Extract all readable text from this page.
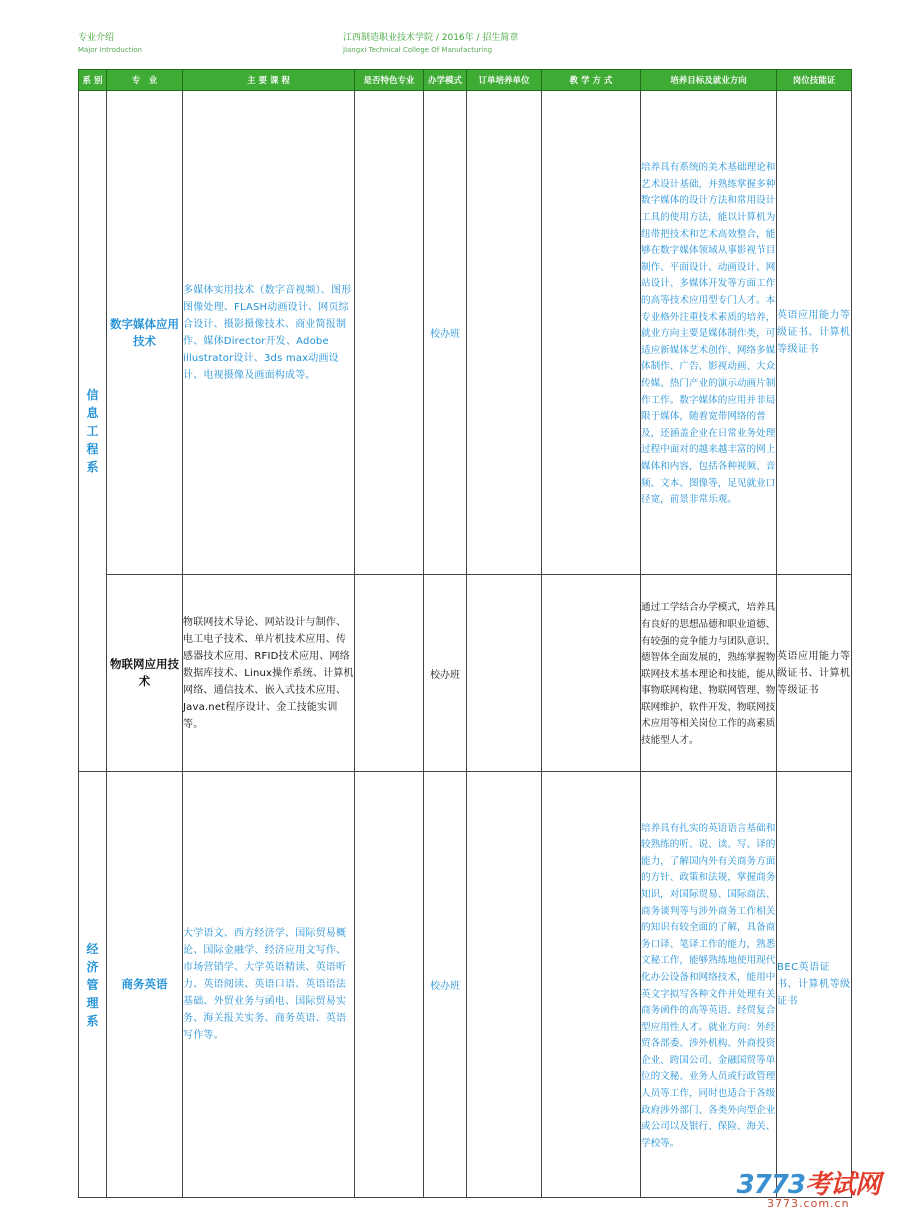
专业介绍
Major Introduction
江西制造职业技术学院 / 2016年 / 招生简章
Jiangxi Technical College Of Manufacturing
系 别	专　业	主 要 课 程	是否特色专业	办学模式	订单培养单位	教 学 方 式	培养目标及就业方向	岗位技能证
信息工程系	数字媒体应用技术	多媒体实用技术（数字音视频）、图形图像处理、FLASH动画设计、网页综合设计、摄影摄像技术、商业简报制作、媒体Director开发、Adobe illustrator设计、3ds max动画设计、电视摄像及画面构成等。		校办班			培养具有系统的美术基础理论和艺术设计基础，并熟练掌握多种数字媒体的设计方法和常用设计工具的使用方法，能以计算机为纽带把技术和艺术高效整合，能够在数字媒体领域从事影视节目制作、平面设计、动画设计、网站设计、多媒体开发等方面工作的高等技术应用型专门人才。本专业格外注重技术素质的培养，就业方向主要是媒体制作类，可适应新媒体艺术创作、网络多媒体制作、广告、影视动画、大众传媒、热门产业的演示动画片制作工作。数字媒体的应用并非局限于媒体，随着宽带网络的普及，还涵盖企业在日常业务处理过程中面对的越来越丰富的网上媒体和内容，包括各种视频、音频、文本、图像等，足见就业口径宽，前景非常乐观。	英语应用能力等级证书、计算机等级证书
	物联网应用技术	物联网技术导论、网站设计与制作、电工电子技术、单片机技术应用、传感器技术应用、RFID技术应用、网络数据库技术、Linux操作系统、计算机网络、通信技术、嵌入式技术应用、Java.net程序设计、金工技能实训等。		校办班			通过工学结合办学模式，培养具有良好的思想品德和职业道德、有较强的竞争能力与团队意识、德智体全面发展的，熟练掌握物联网技术基本理论和技能，能从事物联网构建、物联网管理、物联网维护、软件开发、物联网技术应用等相关岗位工作的高素质技能型人才。	英语应用能力等级证书、计算机等级证书
经济管理系	商务英语	大学语文、西方经济学、国际贸易概论、国际金融学、经济应用文写作、市场营销学、大学英语精读、英语听力、英语阅读、英语口语、英语语法基础、外贸业务与函电、国际贸易实务、海关报关实务、商务英语、英语写作等。		校办班			培养具有扎实的英语语言基础和较熟练的听、说、读、写、译的能力，了解国内外有关商务方面的方针、政策和法规，掌握商务知识，对国际贸易、国际商法、商务谈判等与涉外商务工作相关的知识有较全面的了解，具备商务口译、笔译工作的能力，熟悉文秘工作，能够熟练地使用现代化办公设备和网络技术，能用中英文字拟写各种文件并处理有关商务函件的高等英语、经贸复合型应用性人才。就业方向：外经贸各部委、涉外机构、外商投资企业、跨国公司、金融国贸等单位的文秘、业务人员或行政管理人员等工作，同时也适合于各级政府涉外部门、各类外向型企业或公司以及银行、保险、海关、学校等。	BEC英语证书、计算机等级证书
3773考试网
3773.com.cn
